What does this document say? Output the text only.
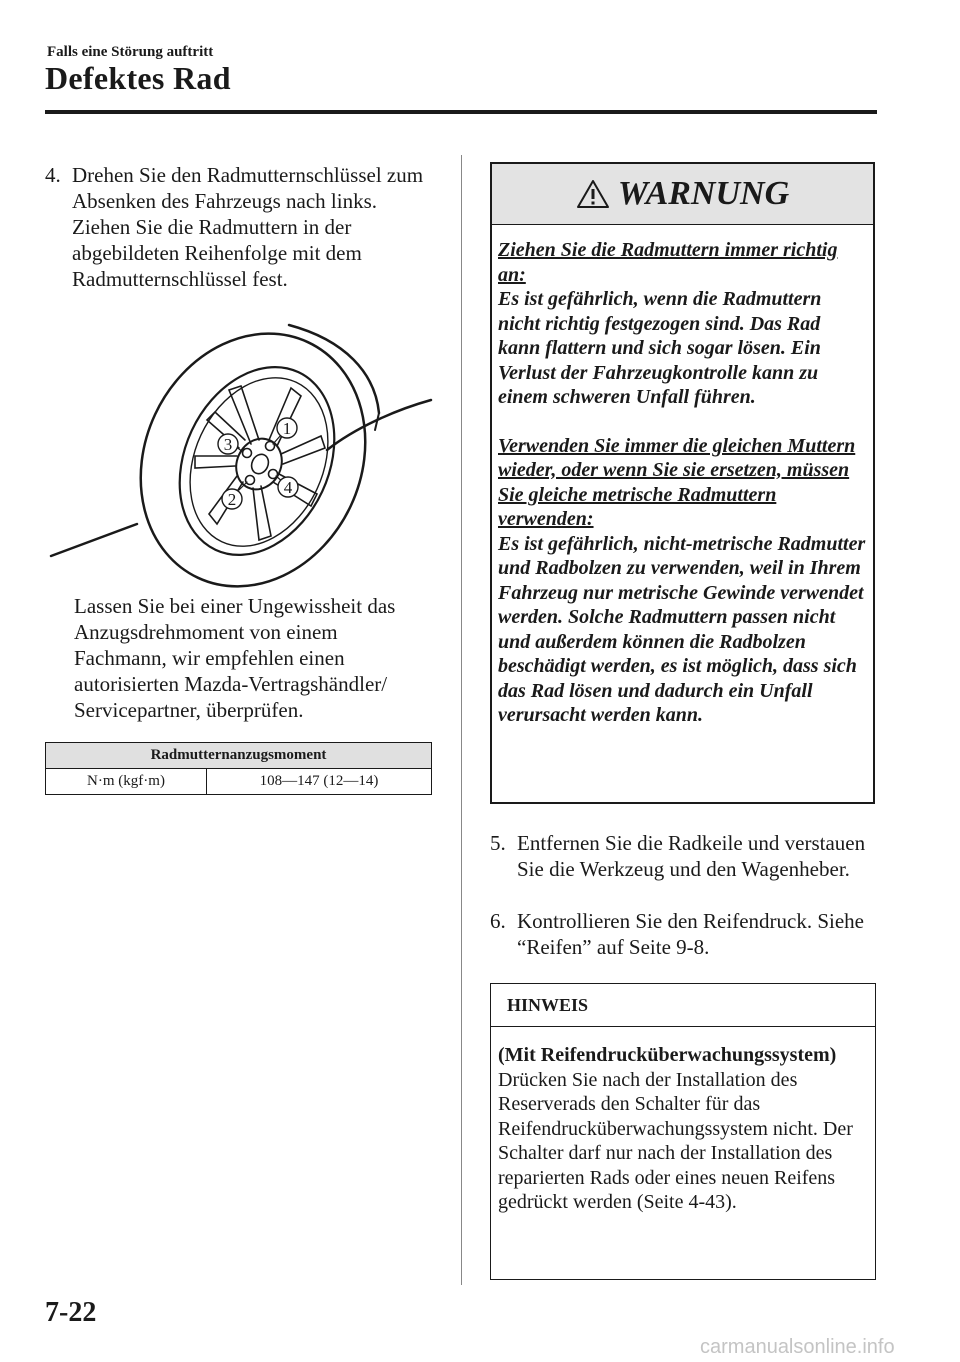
Falls eine Störung auftritt
Defektes Rad
4. Drehen Sie den Radmutternschlüssel zum Absenken des Fahrzeugs nach links. Ziehen Sie die Radmuttern in der abgebildeten Reihenfolge mit dem Radmutternschlüssel fest.
1
2
3
4
Lassen Sie bei einer Ungewissheit das Anzugsdrehmoment von einem Fachmann, wir empfehlen einen autorisierten Mazda-Vertragshändler/ Servicepartner, überprüfen.
Radmutternanzugsmoment
N·m (kgf·m)	108—147 (12—14)
WARNUNG

Ziehen Sie die Radmuttern immer richtig an:
Es ist gefährlich, wenn die Radmuttern nicht richtig festgezogen sind. Das Rad kann flattern und sich sogar lösen. Ein Verlust der Fahrzeugkontrolle kann zu einem schweren Unfall führen.

Verwenden Sie immer die gleichen Muttern wieder, oder wenn Sie sie ersetzen, müssen Sie gleiche metrische Radmuttern verwenden:
Es ist gefährlich, nicht-metrische Radmutter und Radbolzen zu verwenden, weil in Ihrem Fahrzeug nur metrische Gewinde verwendet werden. Solche Radmuttern passen nicht und außerdem können die Radbolzen beschädigt werden, es ist möglich, dass sich das Rad lösen und dadurch ein Unfall verursacht werden kann.

5. Entfernen Sie die Radkeile und verstauen Sie die Werkzeug und den Wagenheber.
6. Kontrollieren Sie den Reifendruck. Siehe “Reifen” auf Seite 9-8.
HINWEIS
(Mit Reifendrucküberwachungssystem)
Drücken Sie nach der Installation des Reserverads den Schalter für das Reifendrucküberwachungssystem nicht. Der Schalter darf nur nach der Installation des reparierten Rads oder eines neuen Reifens gedrückt werden (Seite 4-43).
7-22
carmanualsonline.info
